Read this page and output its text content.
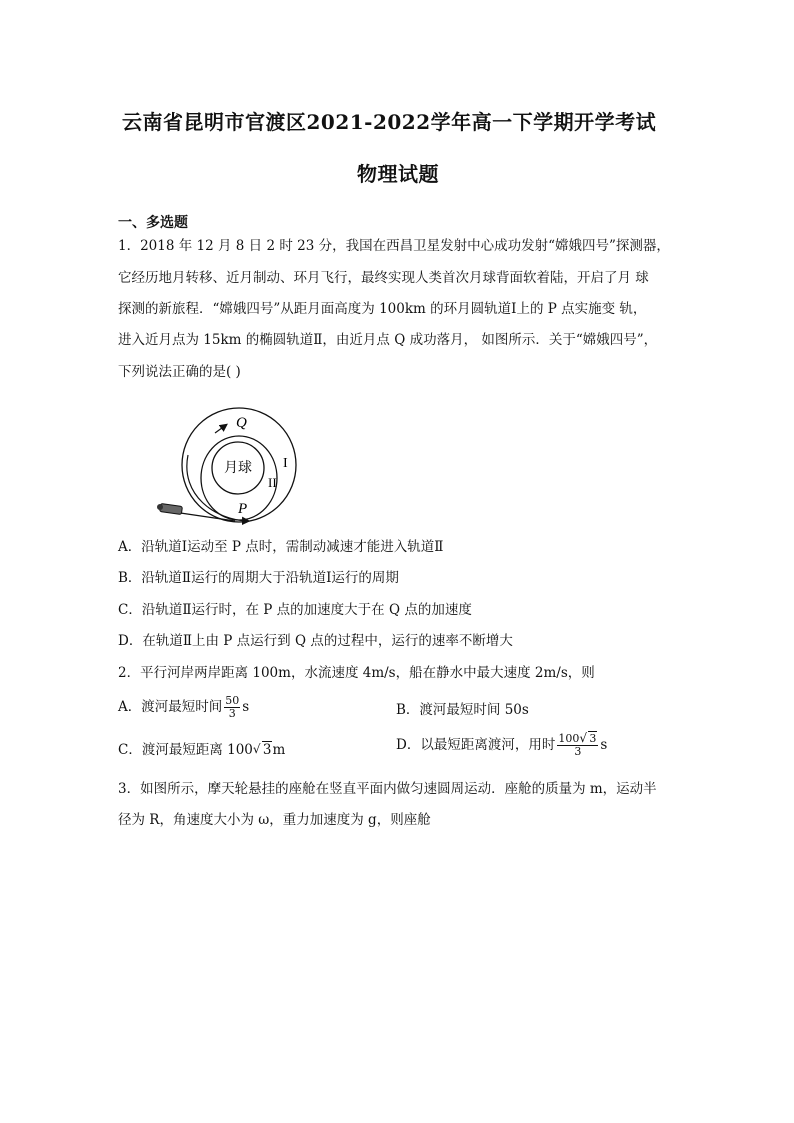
云南省昆明市官渡区2021-2022学年高一下学期开学考试
物理试题
一、多选题
1．2018 年 12 月 8 日 2 时 23 分，我国在西昌卫星发射中心成功发射“嫦娥四号”探测器，
它经历地月转移、近月制动、环月飞行，最终实现人类首次月球背面软着陆，开启了月 球
探测的新旅程．“嫦娥四号”从距月面高度为 100km 的环月圆轨道Ⅰ上的 P 点实施变 轨，
进入近月点为 15km 的椭圆轨道Ⅱ，由近月点 Q 成功落月， 如图所示．关于“嫦娥四号”，
下列说法正确的是( )
Q
月球 I
II
P
A．沿轨道Ⅰ运动至 P 点时，需制动减速才能进入轨道Ⅱ
B．沿轨道Ⅱ运行的周期大于沿轨道Ⅰ运行的周期
C．沿轨道Ⅱ运行时，在 P 点的加速度大于在 Q 点的加速度
D．在轨道Ⅱ上由 P 点运行到 Q 点的过程中，运行的速率不断增大
2．平行河岸两岸距离 100m，水流速度 4m/s，船在静水中最大速度 2m/s，则
A．渡河最短时间 $\frac{50}{3}$ s	B．渡河最短时间 50s
C．渡河最短距离 100 √ 3m	D．以最短距离渡河，用时 $\frac{100 √ 3}{3}$ s
3．如图所示，摩天轮悬挂的座舱在竖直平面内做匀速圆周运动．座舱的质量为 m，运动半
径为 R，角速度大小为 ω，重力加速度为 g，则座舱
